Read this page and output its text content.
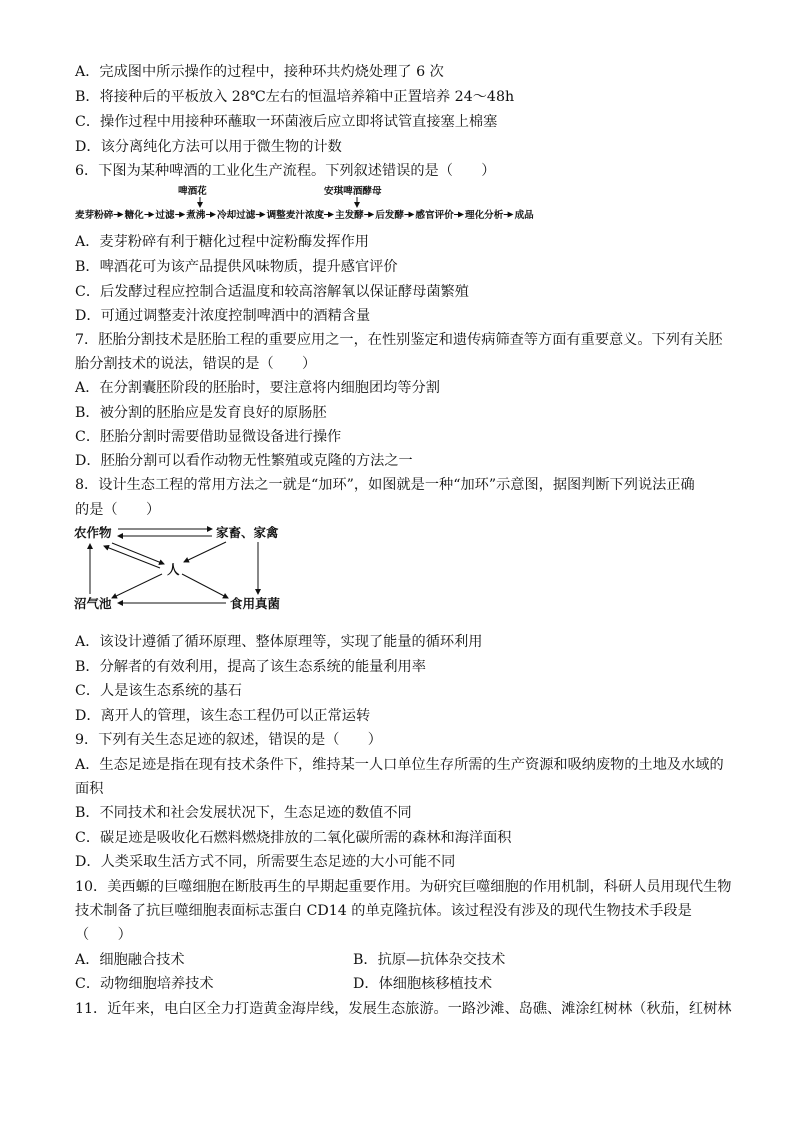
A．完成图中所示操作的过程中，接种环共灼烧处理了 6 次
B．将接种后的平板放入 28℃左右的恒温培养箱中正置培养 24～48h
C．操作过程中用接种环蘸取一环菌液后应立即将试管直接塞上棉塞
D．该分离纯化方法可以用于微生物的计数
6．下图为某种啤酒的工业化生产流程。下列叙述错误的是（　　）
啤酒花	安琪啤酒酵母
麦芽粉碎 糖化 过滤 煮沸 冷却过滤 调整麦汁浓度 主发酵 后发酵 感官评价 理化分析 成品
A．麦芽粉碎有利于糖化过程中淀粉酶发挥作用
B．啤酒花可为该产品提供风味物质，提升感官评价
C．后发酵过程应控制合适温度和较高溶解氧以保证酵母菌繁殖
D．可通过调整麦汁浓度控制啤酒中的酒精含量
7．胚胎分割技术是胚胎工程的重要应用之一，在性别鉴定和遗传病筛查等方面有重要意义。下列有关胚
胎分割技术的说法，错误的是（　　）
A．在分割囊胚阶段的胚胎时，要注意将内细胞团均等分割
B．被分割的胚胎应是发育良好的原肠胚
C．胚胎分割时需要借助显微设备进行操作
D．胚胎分割可以看作动物无性繁殖或克隆的方法之一
8．设计生态工程的常用方法之一就是“加环”，如图就是一种“加环”示意图，据图判断下列说法正确
的是（　　）
农作物	家畜、家禽
人
沼气池	食用真菌
A．该设计遵循了循环原理、整体原理等，实现了能量的循环利用
B．分解者的有效利用，提高了该生态系统的能量利用率
C．人是该生态系统的基石
D．离开人的管理，该生态工程仍可以正常运转
9．下列有关生态足迹的叙述，错误的是（　　）
A．生态足迹是指在现有技术条件下，维持某一人口单位生存所需的生产资源和吸纳废物的土地及水域的
面积
B．不同技术和社会发展状况下，生态足迹的数值不同
C．碳足迹是吸收化石燃料燃烧排放的二氧化碳所需的森林和海洋面积
D．人类采取生活方式不同，所需要生态足迹的大小可能不同
10．美西螈的巨噬细胞在断肢再生的早期起重要作用。为研究巨噬细胞的作用机制，科研人员用现代生物
技术制备了抗巨噬细胞表面标志蛋白 CD14 的单克隆抗体。该过程没有涉及的现代生物技术手段是
（　　）
A．细胞融合技术	B．抗原—抗体杂交技术
C．动物细胞培养技术	D．体细胞核移植技术
11．近年来，电白区全力打造黄金海岸线，发展生态旅游。一路沙滩、岛礁、滩涂红树林（秋茄，红树林
